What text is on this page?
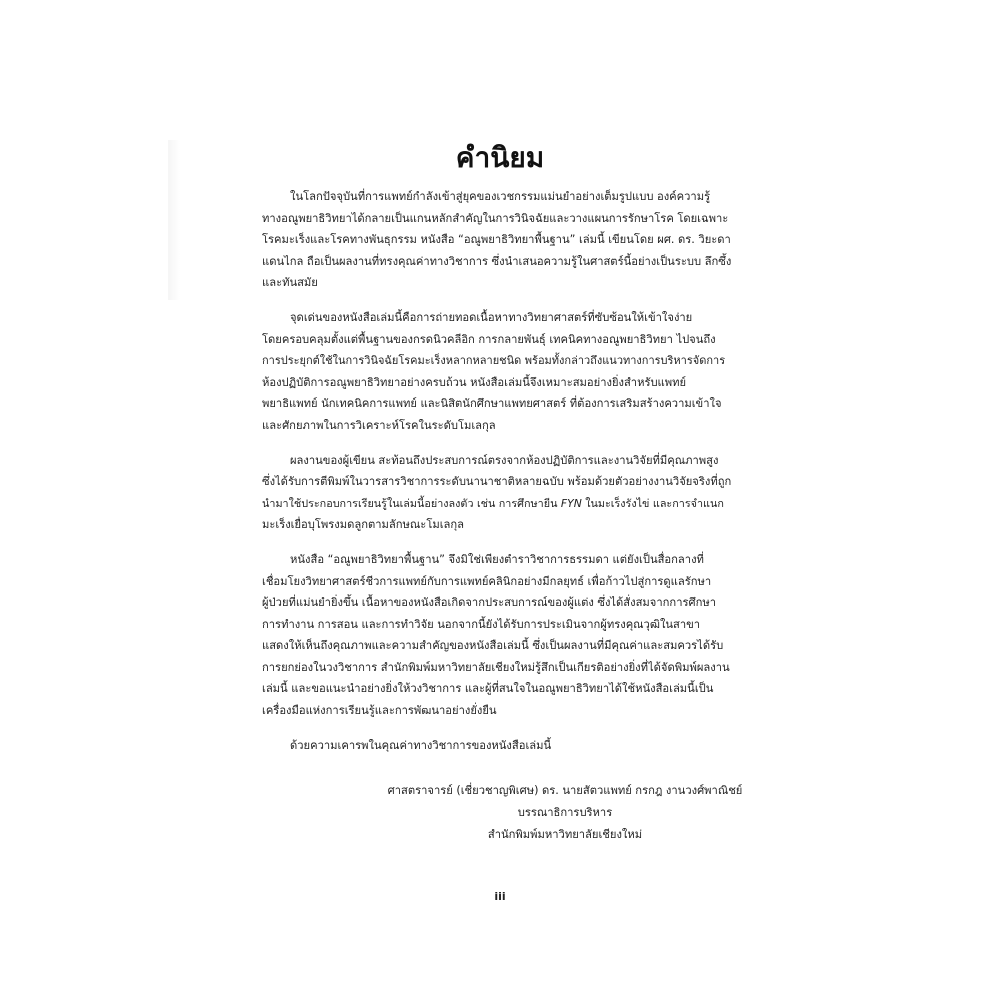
คำนิยม
ในโลกปัจจุบันที่การแพทย์กำลังเข้าสู่ยุคของเวชกรรมแม่นยำอย่างเต็มรูปแบบ องค์ความรู้
ทางอณูพยาธิวิทยาได้กลายเป็นแกนหลักสำคัญในการวินิจฉัยและวางแผนการรักษาโรค โดยเฉพาะ
โรคมะเร็งและโรคทางพันธุกรรม หนังสือ “อณูพยาธิวิทยาพื้นฐาน” เล่มนี้ เขียนโดย ผศ. ดร. วิยะดา
แดนไกล ถือเป็นผลงานที่ทรงคุณค่าทางวิชาการ ซึ่งนำเสนอความรู้ในศาสตร์นี้อย่างเป็นระบบ ลึกซึ้ง
และทันสมัย
จุดเด่นของหนังสือเล่มนี้คือการถ่ายทอดเนื้อหาทางวิทยาศาสตร์ที่ซับซ้อนให้เข้าใจง่าย
โดยครอบคลุมตั้งแต่พื้นฐานของกรดนิวคลีอิก การกลายพันธุ์ เทคนิคทางอณูพยาธิวิทยา ไปจนถึง
การประยุกต์ใช้ในการวินิจฉัยโรคมะเร็งหลากหลายชนิด พร้อมทั้งกล่าวถึงแนวทางการบริหารจัดการ
ห้องปฏิบัติการอณูพยาธิวิทยาอย่างครบถ้วน หนังสือเล่มนี้จึงเหมาะสมอย่างยิ่งสำหรับแพทย์
พยาธิแพทย์ นักเทคนิคการแพทย์ และนิสิตนักศึกษาแพทยศาสตร์ ที่ต้องการเสริมสร้างความเข้าใจ
และศักยภาพในการวิเคราะห์โรคในระดับโมเลกุล
ผลงานของผู้เขียน สะท้อนถึงประสบการณ์ตรงจากห้องปฏิบัติการและงานวิจัยที่มีคุณภาพสูง
ซึ่งได้รับการตีพิมพ์ในวารสารวิชาการระดับนานาชาติหลายฉบับ พร้อมด้วยตัวอย่างงานวิจัยจริงที่ถูก
นำมาใช้ประกอบการเรียนรู้ในเล่มนี้อย่างลงตัว เช่น การศึกษายีน FYN ในมะเร็งรังไข่ และการจำแนก
มะเร็งเยื่อบุโพรงมดลูกตามลักษณะโมเลกุล
หนังสือ “อณูพยาธิวิทยาพื้นฐาน” จึงมิใช่เพียงตำราวิชาการธรรมดา แต่ยังเป็นสื่อกลางที่
เชื่อมโยงวิทยาศาสตร์ชีวการแพทย์กับการแพทย์คลินิกอย่างมีกลยุทธ์ เพื่อก้าวไปสู่การดูแลรักษา
ผู้ป่วยที่แม่นยำยิ่งขึ้น เนื้อหาของหนังสือเกิดจากประสบการณ์ของผู้แต่ง ซึ่งได้สั่งสมจากการศึกษา
การทำงาน การสอน และการทำวิจัย นอกจากนี้ยังได้รับการประเมินจากผู้ทรงคุณวุฒิในสาขา
แสดงให้เห็นถึงคุณภาพและความสำคัญของหนังสือเล่มนี้ ซึ่งเป็นผลงานที่มีคุณค่าและสมควรได้รับ
การยกย่องในวงวิชาการ สำนักพิมพ์มหาวิทยาลัยเชียงใหม่รู้สึกเป็นเกียรติอย่างยิ่งที่ได้จัดพิมพ์ผลงาน
เล่มนี้ และขอแนะนำอย่างยิ่งให้วงวิชาการ และผู้ที่สนใจในอณูพยาธิวิทยาได้ใช้หนังสือเล่มนี้เป็น
เครื่องมือแห่งการเรียนรู้และการพัฒนาอย่างยั่งยืน
ด้วยความเคารพในคุณค่าทางวิชาการของหนังสือเล่มนี้
ศาสตราจารย์ (เชี่ยวชาญพิเศษ) ดร. นายสัตวแพทย์ กรกฎ งานวงศ์พาณิชย์
บรรณาธิการบริหาร
สำนักพิมพ์มหาวิทยาลัยเชียงใหม่
iii
